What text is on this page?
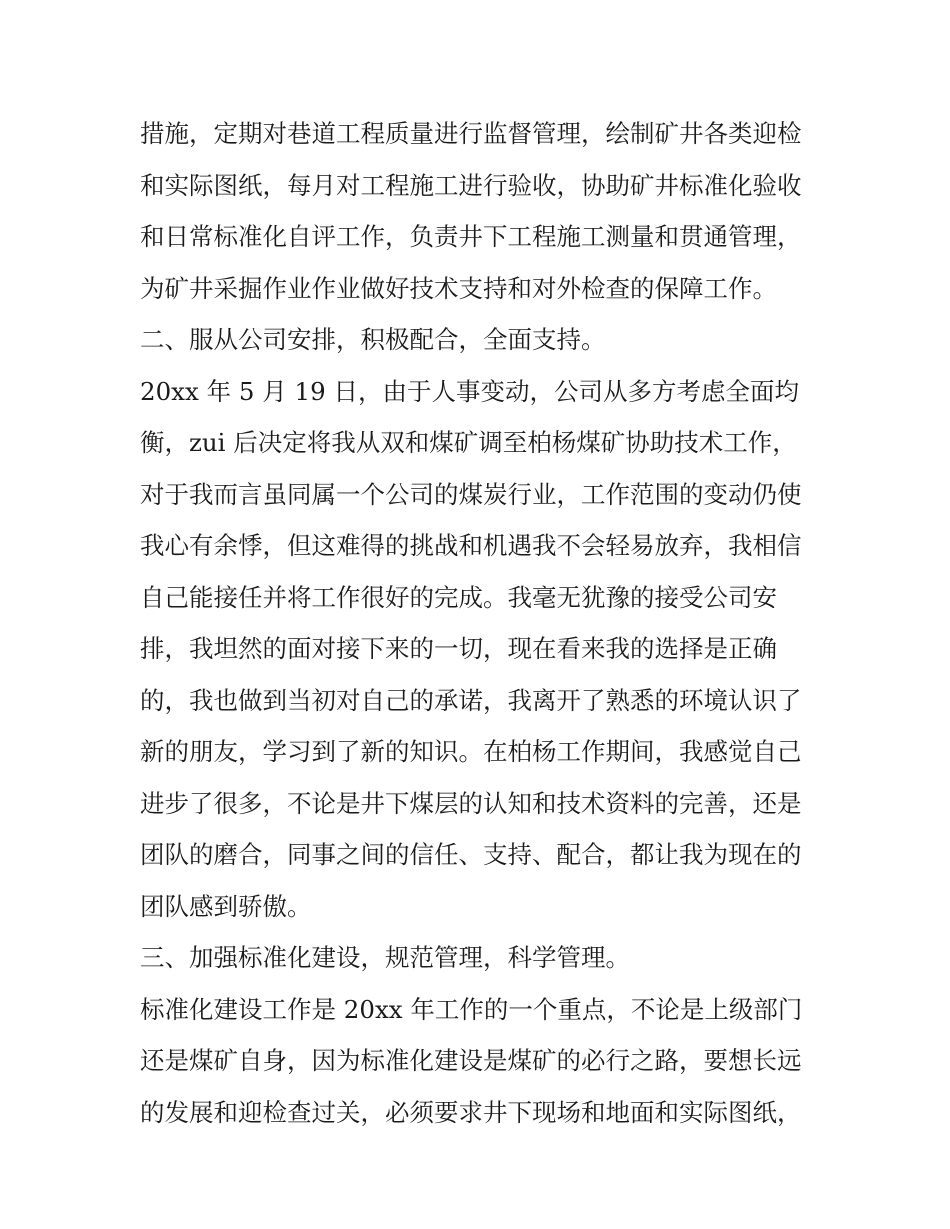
措施，定期对巷道工程质量进行监督管理，绘制矿井各类迎检
和实际图纸，每月对工程施工进行验收，协助矿井标准化验收
和日常标准化自评工作，负责井下工程施工测量和贯通管理，
为矿井采掘作业作业做好技术支持和对外检查的保障工作。
二、服从公司安排，积极配合，全面支持。
20xx 年 5 月 19 日，由于人事变动，公司从多方考虑全面均
衡，zui 后决定将我从双和煤矿调至柏杨煤矿协助技术工作，
对于我而言虽同属一个公司的煤炭行业，工作范围的变动仍使
我心有余悸，但这难得的挑战和机遇我不会轻易放弃，我相信
自己能接任并将工作很好的完成。我毫无犹豫的接受公司安
排，我坦然的面对接下来的一切，现在看来我的选择是正确
的，我也做到当初对自己的承诺，我离开了熟悉的环境认识了
新的朋友，学习到了新的知识。在柏杨工作期间，我感觉自己
进步了很多，不论是井下煤层的认知和技术资料的完善，还是
团队的磨合，同事之间的信任、支持、配合，都让我为现在的
团队感到骄傲。
三、加强标准化建设，规范管理，科学管理。
标准化建设工作是 20xx 年工作的一个重点，不论是上级部门
还是煤矿自身，因为标准化建设是煤矿的必行之路，要想长远
的发展和迎检查过关，必须要求井下现场和地面和实际图纸，
